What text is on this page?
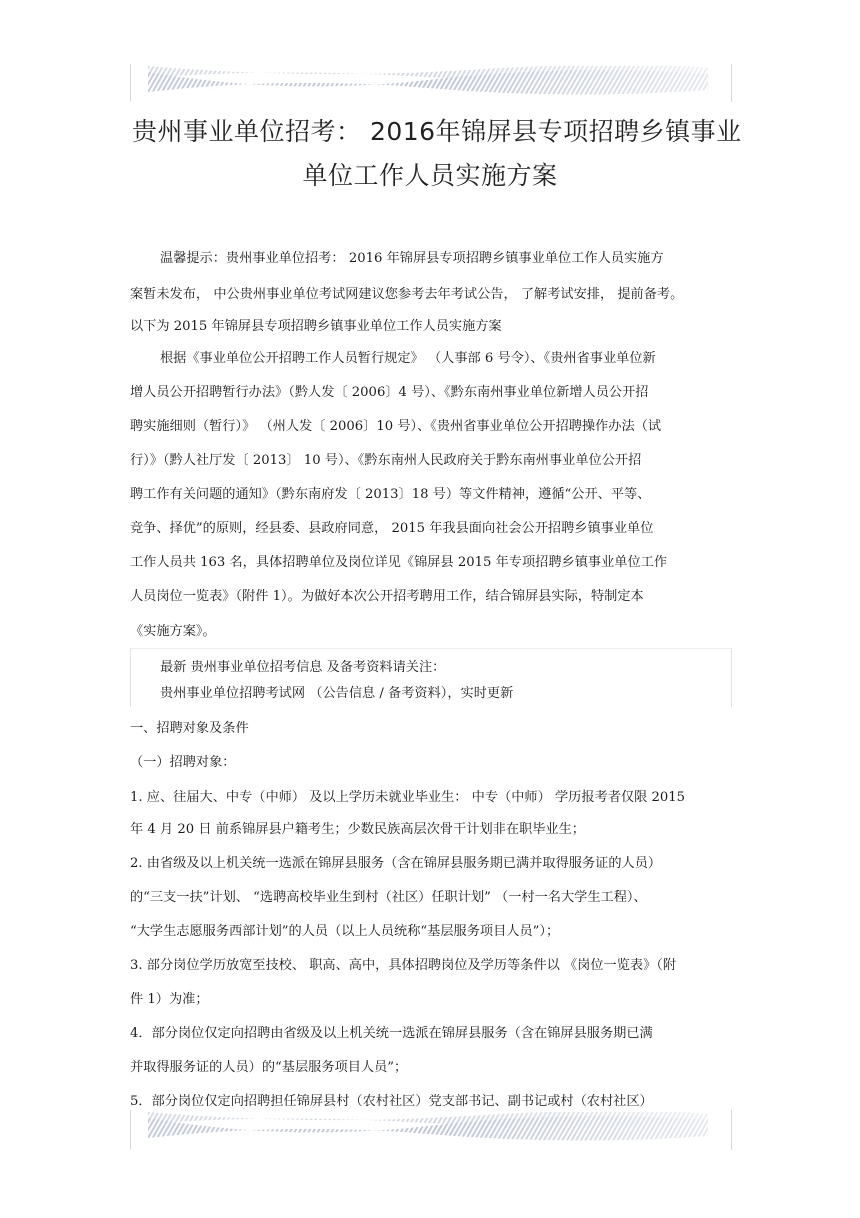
贵州事业单位招考： 2016年锦屏县专项招聘乡镇事业
单位工作人员实施方案
温馨提示：贵州事业单位招考： 2016 年锦屏县专项招聘乡镇事业单位工作人员实施方
案暂未发布， 中公贵州事业单位考试网建议您参考去年考试公告， 了解考试安排， 提前备考。
以下为 2015 年锦屏县专项招聘乡镇事业单位工作人员实施方案
根据《事业单位公开招聘工作人员暂行规定》 （人事部 6 号令）、《贵州省事业单位新
增人员公开招聘暂行办法》（黔人发〔 2006〕4 号）、《黔东南州事业单位新增人员公开招
聘实施细则（暂行）》 （州人发〔 2006〕10 号）、《贵州省事业单位公开招聘操作办法（试
行）》（黔人社厅发〔 2013〕 10 号）、《黔东南州人民政府关于黔东南州事业单位公开招
聘工作有关问题的通知》（黔东南府发〔 2013〕18 号）等文件精神，遵循“公开、平等、
竞争、择优”的原则，经县委、县政府同意， 2015 年我县面向社会公开招聘乡镇事业单位
工作人员共 163 名，具体招聘单位及岗位详见《锦屏县 2015 年专项招聘乡镇事业单位工作
人员岗位一览表》（附件 1）。为做好本次公开招考聘用工作，结合锦屏县实际，特制定本
《实施方案》。
最新 贵州事业单位招考信息 及备考资料请关注：
贵州事业单位招聘考试网 （公告信息 / 备考资料），实时更新
一、招聘对象及条件
（一）招聘对象：
1. 应、往届大、中专（中师） 及以上学历未就业毕业生： 中专（中师） 学历报考者仅限 2015
年 4 月 20 日 前系锦屏县户籍考生；少数民族高层次骨干计划非在职毕业生；
2. 由省级及以上机关统一选派在锦屏县服务（含在锦屏县服务期已满并取得服务证的人员）
的“三支一扶”计划、 “选聘高校毕业生到村（社区）任职计划” （一村一名大学生工程）、
“大学生志愿服务西部计划”的人员（以上人员统称“基层服务项目人员”）；
3. 部分岗位学历放宽至技校、 职高、高中，具体招聘岗位及学历等条件以 《岗位一览表》（附
件 1）为准；
4．部分岗位仅定向招聘由省级及以上机关统一选派在锦屏县服务（含在锦屏县服务期已满
并取得服务证的人员）的“基层服务项目人员”；
5．部分岗位仅定向招聘担任锦屏县村（农村社区）党支部书记、副书记或村（农村社区）
